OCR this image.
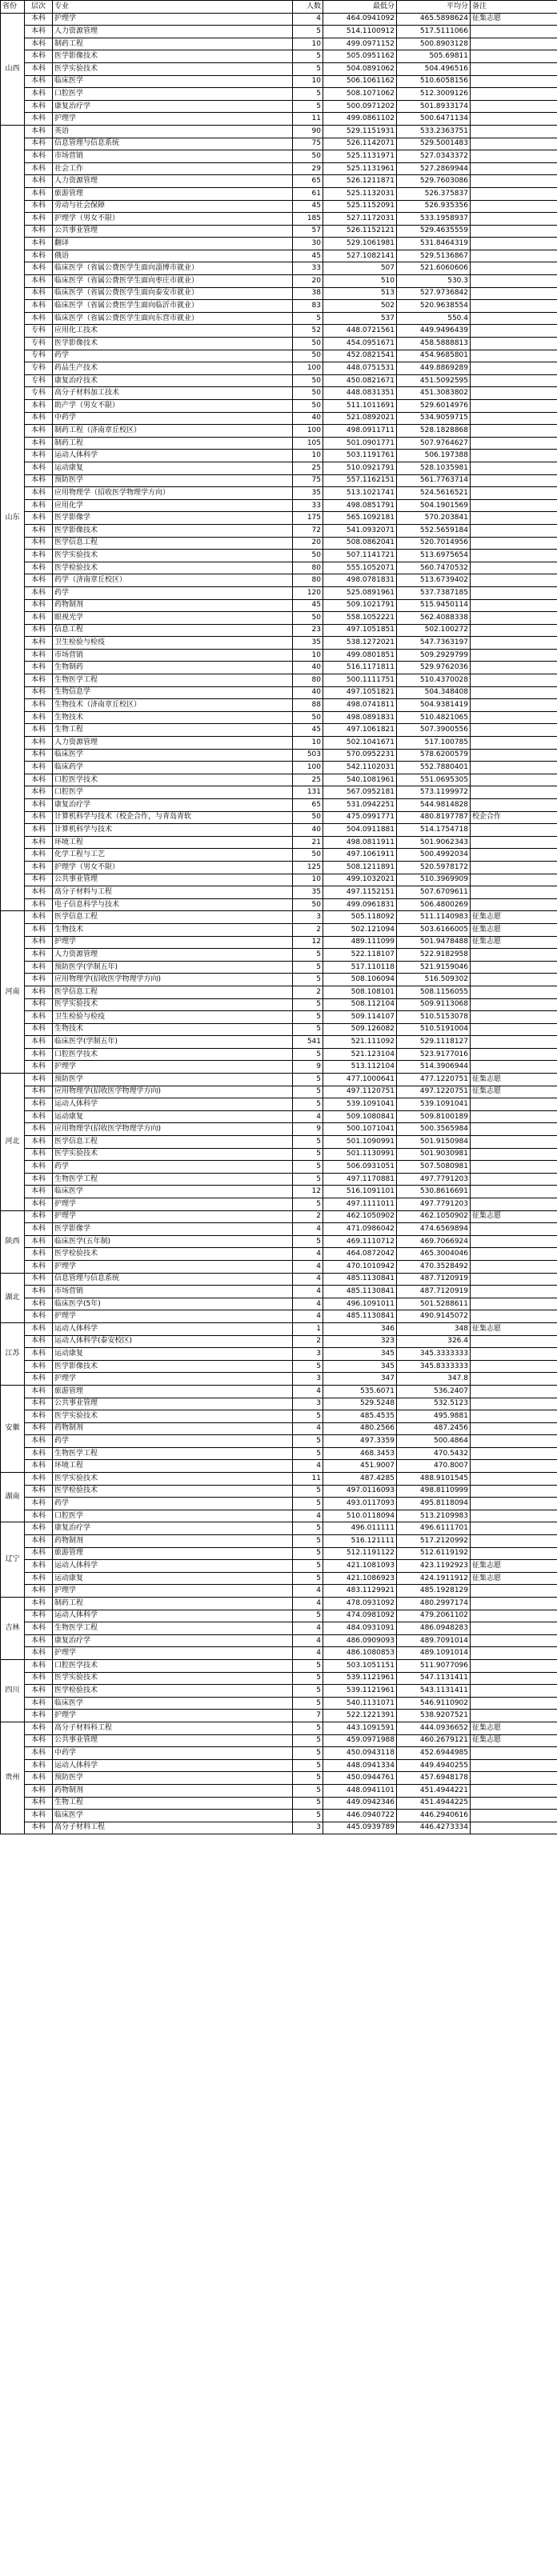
省份	层次	专业	人数	最低分	平均分	备注
山西	本科	护理学	4	464.0941092	465.5898624	征集志愿
	本科	人力资源管理	5	514.1100912	517.5111066	
	本科	制药工程	10	499.0971152	500.8903128	
	本科	医学影像技术	5	505.0951162	505.69811	
	本科	医学实验技术	5	504.0891062	504.496516	
	本科	临床医学	10	506.1061162	510.6058156	
	本科	口腔医学	5	508.1071062	512.3009126	
	本科	康复治疗学	5	500.0971202	501.8933174	
	本科	护理学	11	499.0861102	500.6471134	
山东	本科	英语	90	529.1151931	533.2363751	
	本科	信息管理与信息系统	75	526.1142071	529.5001483	
	本科	市场营销	50	525.1131971	527.0343372	
	本科	社会工作	29	525.1131961	527.2869944	
	本科	人力资源管理	65	526.1211871	529.7603086	
	本科	旅游管理	61	525.1132031	526.375837	
	本科	劳动与社会保障	45	525.1152091	526.935356	
	本科	护理学（男女不限）	185	527.1172031	533.1958937	
	本科	公共事业管理	57	526.1152121	529.4635559	
	本科	翻译	30	529.1061981	531.8464319	
	本科	俄语	45	527.1082141	529.5136867	
	本科	临床医学（省属公费医学生面向淄博市就业）	33	507	521.6060606	
	本科	临床医学（省属公费医学生面向枣庄市就业）	20	510	530.3	
	本科	临床医学（省属公费医学生面向泰安市就业）	38	513	527.9736842	
	本科	临床医学（省属公费医学生面向临沂市就业）	83	502	520.9638554	
	本科	临床医学（省属公费医学生面向东营市就业）	5	537	550.4	
	专科	应用化工技术	52	448.0721561	449.9496439	
	专科	医学影像技术	50	454.0951671	458.5888813	
	专科	药学	50	452.0821541	454.9685801	
	专科	药品生产技术	100	448.0751531	449.8869289	
	专科	康复治疗技术	50	450.0821671	451.5092595	
	专科	高分子材料加工技术	50	448.0831351	451.3083802	
	本科	助产学（男女不限）	50	511.1011691	529.6014976	
	本科	中药学	40	521.0892021	534.9059715	
	本科	制药工程（济南章丘校区）	100	498.0911711	528.1828868	
	本科	制药工程	105	501.0901771	507.9764627	
	本科	运动人体科学	10	503.1191761	506.197388	
	本科	运动康复	25	510.0921791	528.1035981	
	本科	预防医学	75	557.1162151	561.7763714	
	本科	应用物理学（招收医学物理学方向）	35	513.1021741	524.5616521	
	本科	应用化学	33	498.0851791	504.1901569	
	本科	医学影像学	175	565.1092181	570.203841	
	本科	医学影像技术	72	541.0932071	552.5659184	
	本科	医学信息工程	20	508.0862041	520.7014956	
	本科	医学实验技术	50	507.1141721	513.6975654	
	本科	医学检验技术	80	555.1052071	560.7470532	
	本科	药学（济南章丘校区）	80	498.0781831	513.6739402	
	本科	药学	120	525.0891961	537.7387185	
	本科	药物制剂	45	509.1021791	515.9450114	
	本科	眼视光学	50	558.1052221	562.4088338	
	本科	信息工程	23	497.1051851	502.100272	
	本科	卫生检验与检疫	35	538.1272021	547.7363197	
	本科	市场营销	10	499.0801851	509.2929799	
	本科	生物制药	40	516.1171811	529.9762036	
	本科	生物医学工程	80	500.1111751	510.4370028	
	本科	生物信息学	40	497.1051821	504.348408	
	本科	生物技术（济南章丘校区）	88	498.0741811	504.9381419	
	本科	生物技术	50	498.0891831	510.4821065	
	本科	生物工程	45	497.1061821	507.3900556	
	本科	人力资源管理	10	502.1041671	517.100785	
	本科	临床医学	503	570.0952231	578.6200579	
	本科	临床药学	100	542.1102031	552.7880401	
	本科	口腔医学技术	25	540.1081961	551.0695305	
	本科	口腔医学	131	567.0952181	573.1199972	
	本科	康复治疗学	65	531.0942251	544.9814828	
	本科	计算机科学与技术（校企合作，与青岛青软	50	475.0991771	480.8197787	校企合作
	本科	计算机科学与技术	40	504.0911881	514.1754718	
	本科	环境工程	21	498.0811911	501.9062343	
	本科	化学工程与工艺	50	497.1061911	500.4992034	
	本科	护理学（男女不限）	125	508.1211891	520.5978172	
	本科	公共事业管理	10	499.1032021	510.3969909	
	本科	高分子材料与工程	35	497.1152151	507.6709611	
	本科	电子信息科学与技术	50	499.0961831	506.4800269	
河南	本科	医学信息工程	3	505.118092	511.1140983	征集志愿
	本科	生物技术	2	502.121094	503.6166005	征集志愿
	本科	护理学	12	489.111099	501.9478488	征集志愿
	本科	人力资源管理	5	522.118107	522.9182958	
	本科	预防医学(学制五年)	5	517.110118	521.9159046	
	本科	应用物理学(招收医学物理学方向)	5	508.106094	516.509302	
	本科	医学信息工程	2	508.108101	508.1156055	
	本科	医学实验技术	5	508.112104	509.9113068	
	本科	卫生检验与检疫	5	509.114107	510.5153078	
	本科	生物技术	5	509.126082	510.5191004	
	本科	临床医学(学制五年)	541	521.111092	529.1118127	
	本科	口腔医学技术	5	521.123104	523.9177016	
	本科	护理学	9	513.112104	514.3906944	
河北	本科	预防医学	5	477.1000641	477.1220751	征集志愿
	本科	应用物理学(招收医学物理学方向)	5	497.1120751	497.1220751	征集志愿
	本科	运动人体科学	5	539.1091041	539.1091041	
	本科	运动康复	4	509.1080841	509.8100189	
	本科	应用物理学(招收医学物理学方向)	9	500.1071041	500.3565984	
	本科	医学信息工程	5	501.1090991	501.9150984	
	本科	医学实验技术	5	501.1130991	501.9030981	
	本科	药学	5	506.0931051	507.5080981	
	本科	生物医学工程	5	497.1170881	497.7791203	
	本科	临床医学	12	516.1091101	530.8616691	
	本科	护理学	5	497.1111011	497.7791203	
陕西	本科	护理学	2	462.1050902	462.1050902	征集志愿
	本科	医学影像学	4	471.0986042	474.6569894	
	本科	临床医学(五年制)	5	469.1110712	469.7066924	
	本科	医学检验技术	4	464.0872042	465.3004046	
	本科	护理学	4	470.1010942	470.3528492	
湖北	本科	信息管理与信息系统	4	485.1130841	487.7120919	
	本科	市场营销	4	485.1130841	487.7120919	
	本科	临床医学(5年)	4	496.1091011	501.5288611	
	本科	护理学	4	485.1130841	490.9145072	
江苏	本科	运动人体科学	1	346	348	征集志愿
	本科	运动人体科学(泰安校区)	2	323	326.4	
	本科	运动康复	3	345	345.3333333	
	本科	医学影像技术	5	345	345.8333333	
	本科	护理学	3	347	347.8	
安徽	本科	旅游管理	4	535.6071	536.2407	
	本科	公共事业管理	3	529.5248	532.5123	
	本科	医学实验技术	5	485.4535	495.9881	
	本科	药物制剂	4	480.2566	487.2456	
	本科	药学	5	497.3359	500.4864	
	本科	生物医学工程	5	468.3453	470.5432	
	本科	环境工程	4	451.9007	470.8007	
湖南	本科	医学实验技术	11	487.4285	488.9101545	
	本科	医学检验技术	5	497.0116093	498.8110999	
	本科	药学	5	493.0117093	495.8118094	
	本科	口腔医学	4	510.0118094	513.2109983	
辽宁	本科	康复治疗学	5	496.011111	496.6111701	
	本科	药物制剂	5	516.121111	517.2120992	
	本科	旅游管理	5	512.1191122	512.6119192	
	本科	运动人体科学	5	421.1081093	423.1192923	征集志愿
	本科	运动康复	5	421.1086923	424.1911912	征集志愿
	本科	护理学	4	483.1129921	485.1928129	
吉林	本科	制药工程	4	478.0931092	480.2997174	
	本科	运动人体科学	5	474.0981092	479.2061102	
	本科	生物医学工程	4	484.0931091	486.0948283	
	本科	康复治疗学	4	486.0909093	489.7091014	
	本科	护理学	4	486.1080853	489.1091014	
四川	本科	口腔医学技术	5	503.1051151	511.9077096	
	本科	医学实验技术	5	539.1121961	547.1131411	
	本科	医学检验技术	5	539.1121961	543.1131411	
	本科	临床医学	5	540.1131071	546.9110902	
	本科	护理学	7	522.1221391	538.9207521	
贵州	本科	高分子材料科工程	5	443.1091591	444.0936652	征集志愿
	本科	公共事业管理	5	459.0971988	460.2679121	征集志愿
	本科	中药学	5	450.0943118	452.6944985	
	本科	运动人体科学	5	448.0941334	449.4940255	
	本科	预防医学	5	450.0944761	457.6948178	
	本科	药物制剂	5	448.0941101	451.4944221	
	本科	生物工程	5	449.0942346	451.4944225	
	本科	临床医学	5	446.0940722	446.2940616	
	本科	高分子材料工程	3	445.0939789	446.4273334	
